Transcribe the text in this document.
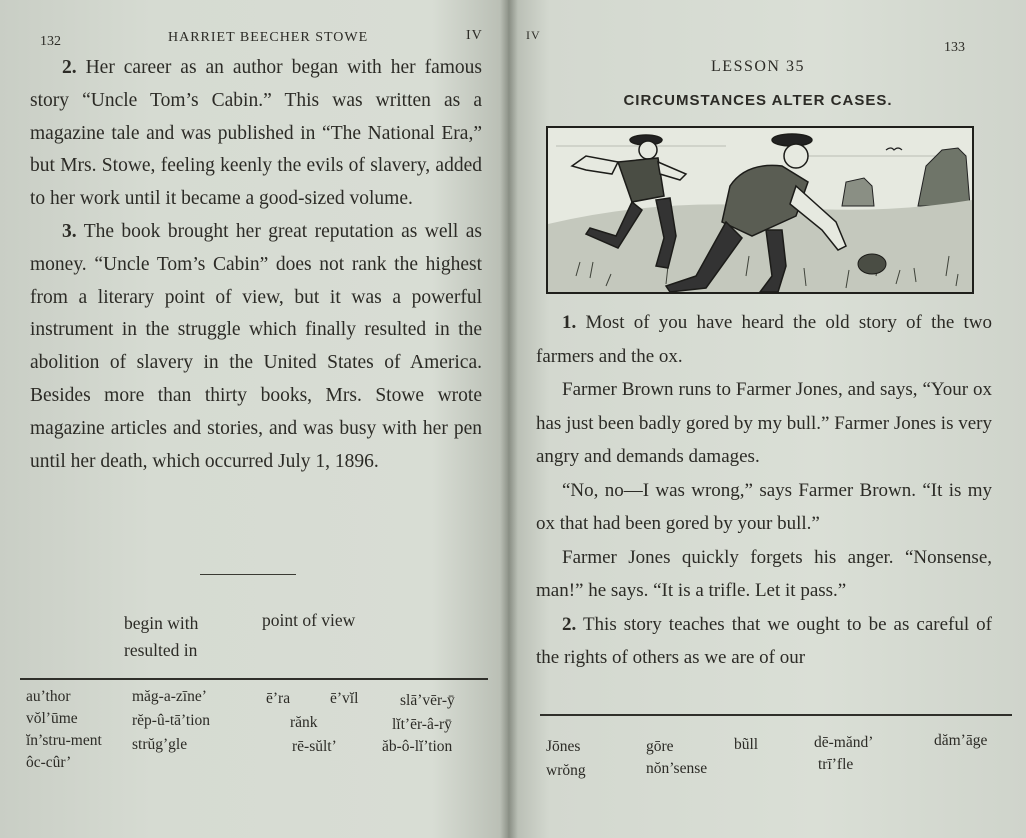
132	HARRIET BEECHER STOWE	IV

2. Her career as an author began with her famous story “Uncle Tom’s Cabin.” This was written as a magazine tale and was published in “The National Era,” but Mrs. Stowe, feeling keenly the evils of slavery, added to her work until it became a good-sized volume.

3. The book brought her great reputation as well as money. “Uncle Tom’s Cabin” does not rank the highest from a literary point of view, but it was a powerful instrument in the struggle which finally resulted in the abolition of slavery in the United States of America. Besides more than thirty books, Mrs. Stowe wrote magazine articles and stories, and was busy with her pen until her death, which occurred July 1, 1896.

begin with
resulted in
point of view
au’thor	măg-a-zīne’	ē’ra	ē’vĭl	slā’vēr-ȳ
vŏl’ūme	rĕp-û-tā’tion	rănk	lĭt’ēr-â-rȳ
ĭn’stru-ment strŭg’gle	rē-sŭlt’	ăb-ô-lĭ’tion
ôc-cûr’
IV
133
LESSON 35
CIRCUMSTANCES ALTER CASES.

1. Most of you have heard the old story of the two farmers and the ox.

Farmer Brown runs to Farmer Jones, and says, “Your ox has just been badly gored by my bull.” Farmer Jones is very angry and demands damages.

“No, no—I was wrong,” says Farmer Brown. “It is my ox that had been gored by your bull.”

Farmer Jones quickly forgets his anger. “Nonsense, man!” he says. “It is a trifle. Let it pass.”

2. This story teaches that we ought to be as careful of the rights of others as we are of our

Jōnes	gōre	bũll	dē-mănd’	dăm’āge
wrŏng	nŏn’sense	trī’fle
